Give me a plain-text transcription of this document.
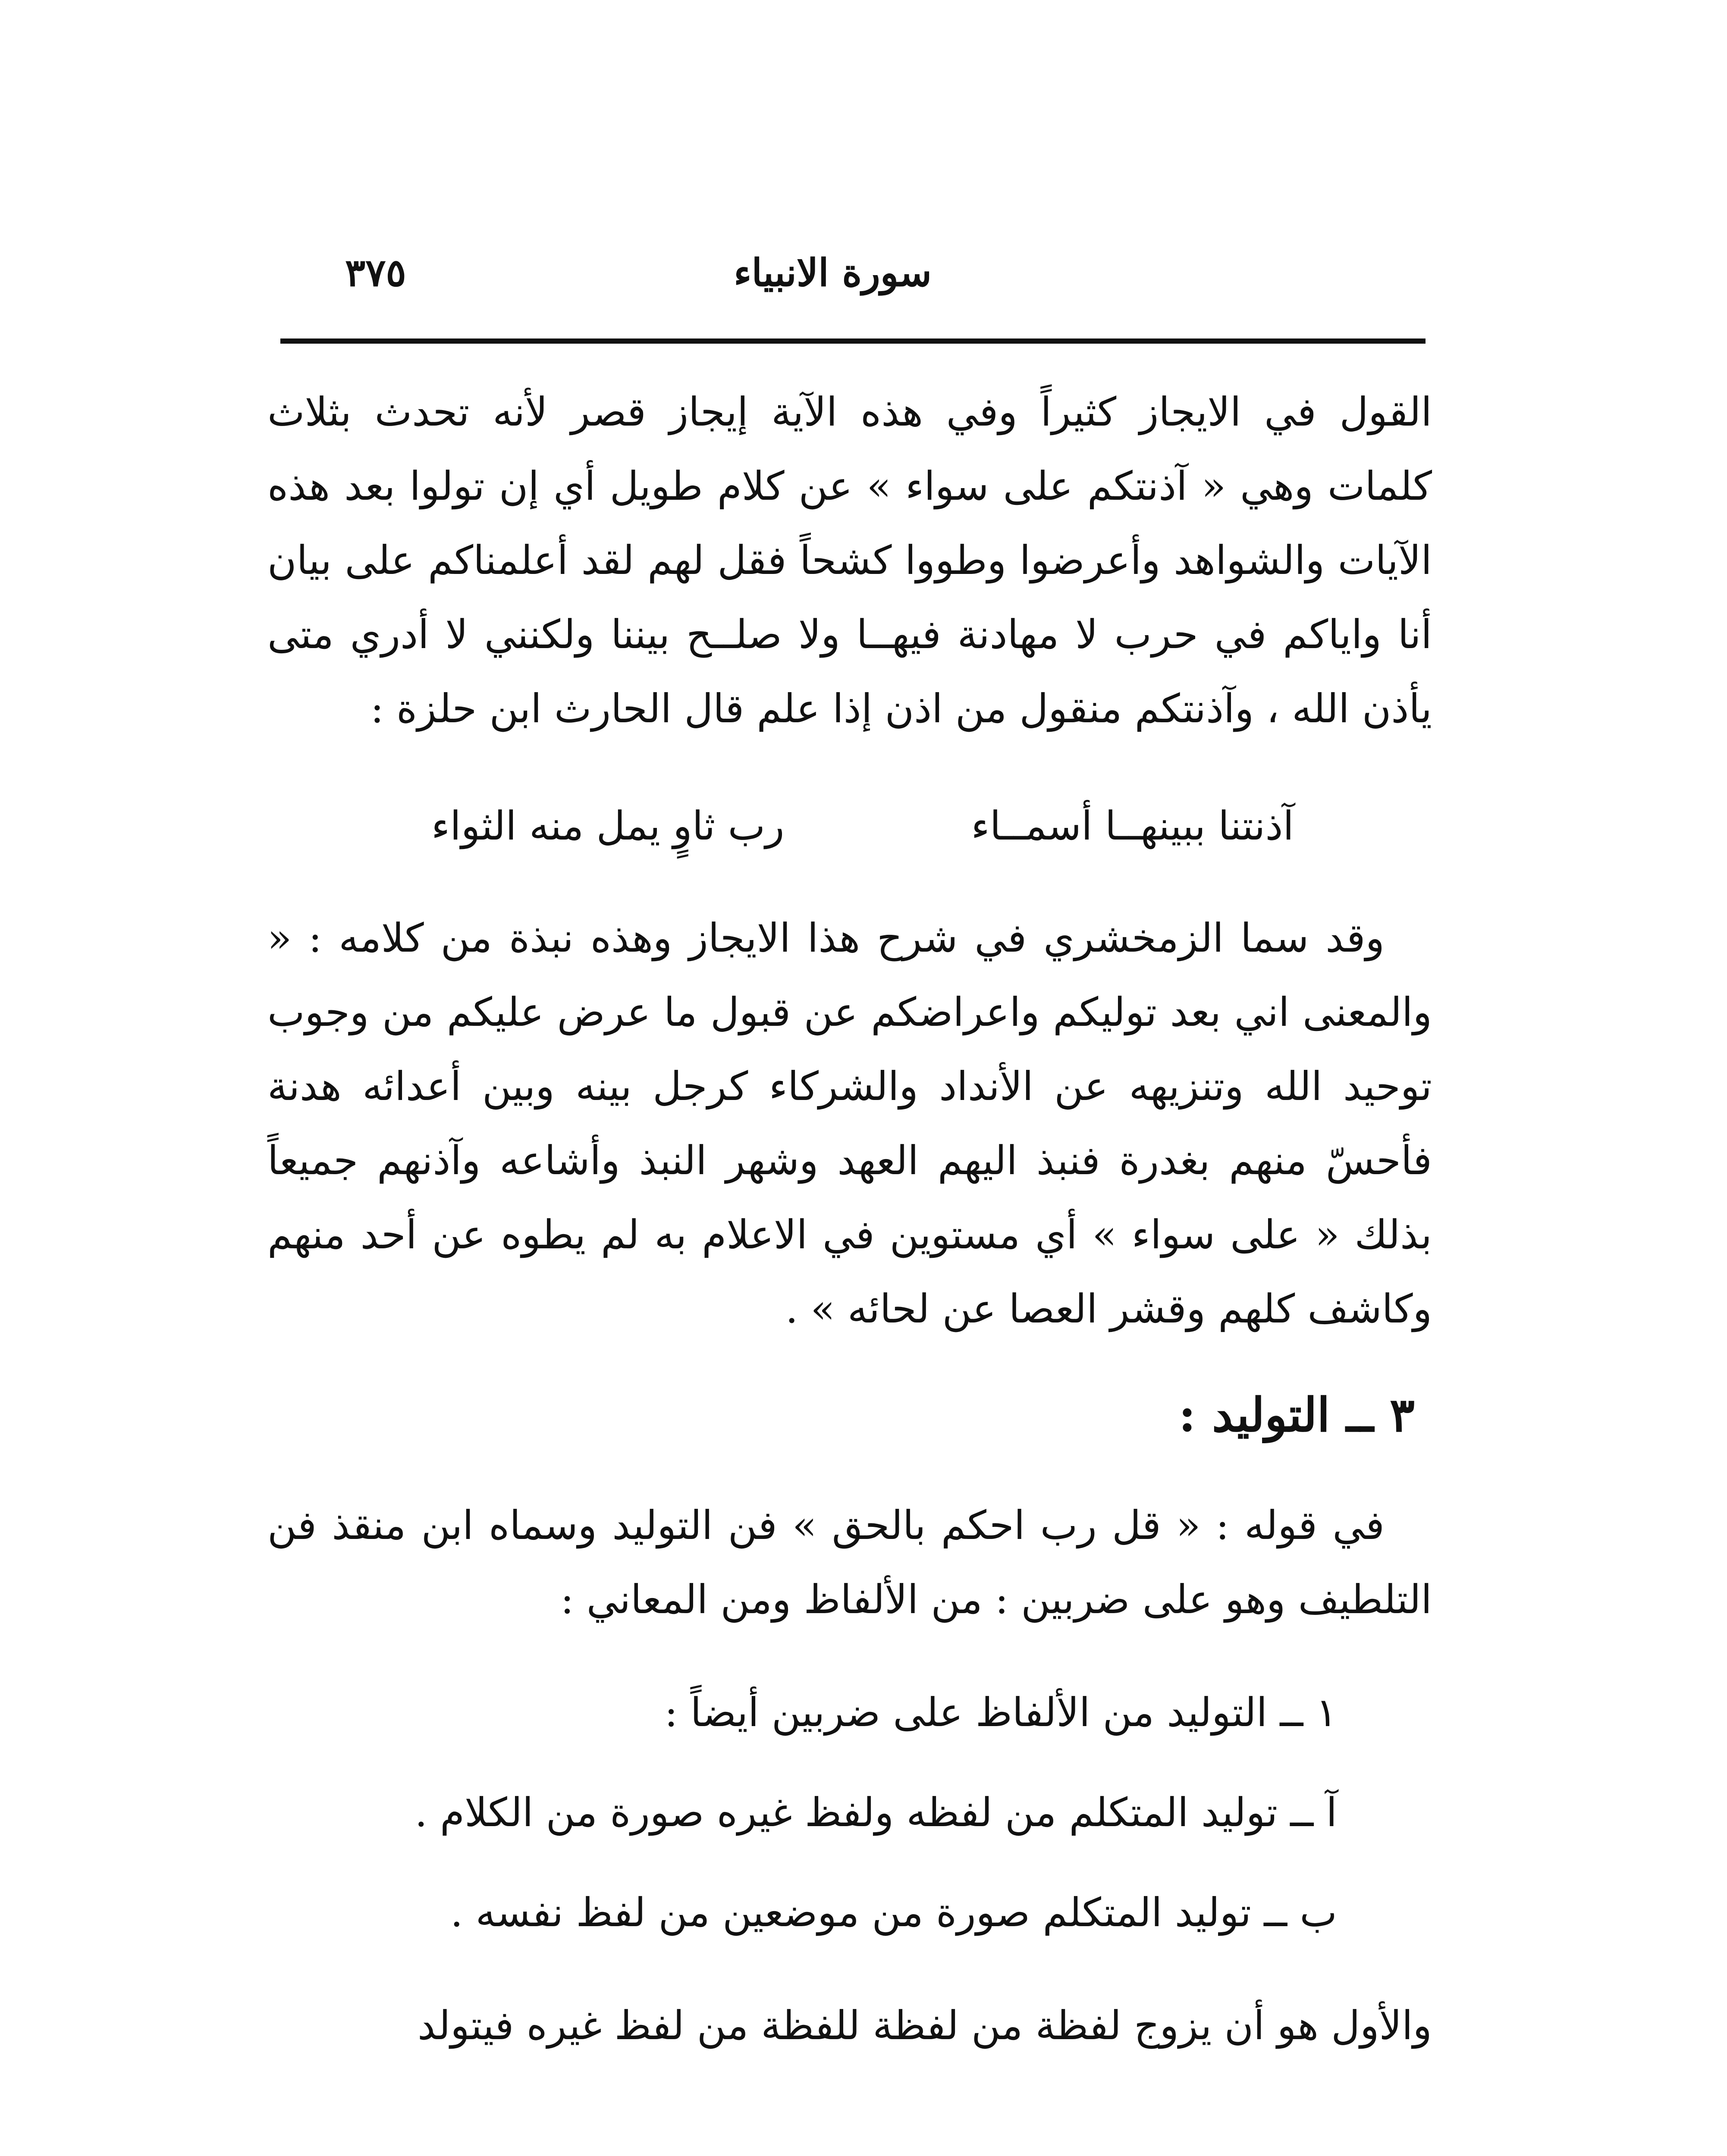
سورة الانبياء
٣٧٥

القول في الايجاز كثيراً وفي هذه الآية إيجاز قصر لأنه تحدث بثلاث كلمات وهي « آذنتكم على سواء » عن كلام طويل أي إن تولوا بعد هذه الآيات والشواهد وأعرضوا وطووا كشحاً فقل لهم لقد أعلمناكم على بيان أنا واياكم في حرب لا مهادنة فيهــا ولا صلــح بيننا ولكنني لا أدري متى يأذن الله ، وآذنتكم منقول من اذن إذا علم قال الحارث ابن حلزة :

آذنتنا ببينهــا أسمــاء
رب ثاوٍ يمل منه الثواء

وقد سما الزمخشري في شرح هذا الايجاز وهذه نبذة من كلامه : « والمعنى اني بعد توليكم واعراضكم عن قبول ما عرض عليكم من وجوب توحيد الله وتنزيهه عن الأنداد والشركاء كرجل بينه وبين أعدائه هدنة فأحسّ منهم بغدرة فنبذ اليهم العهد وشهر النبذ وأشاعه وآذنهم جميعاً بذلك « على سواء » أي مستوين في الاعلام به لم يطوه عن أحد منهم وكاشف كلهم وقشر العصا عن لحائه » .

٣ ــ التوليد :

في قوله : « قل رب احكم بالحق » فن التوليد وسماه ابن منقذ فن التلطيف وهو على ضربين : من الألفاظ ومن المعاني :

١ ــ التوليد من الألفاظ على ضربين أيضاً :

آ ــ توليد المتكلم من لفظه ولفظ غيره صورة من الكلام .

ب ــ توليد المتكلم صورة من موضعين من لفظ نفسه .

والأول هو أن يزوج لفظة من لفظة للفظة من لفظ غيره فيتولد
